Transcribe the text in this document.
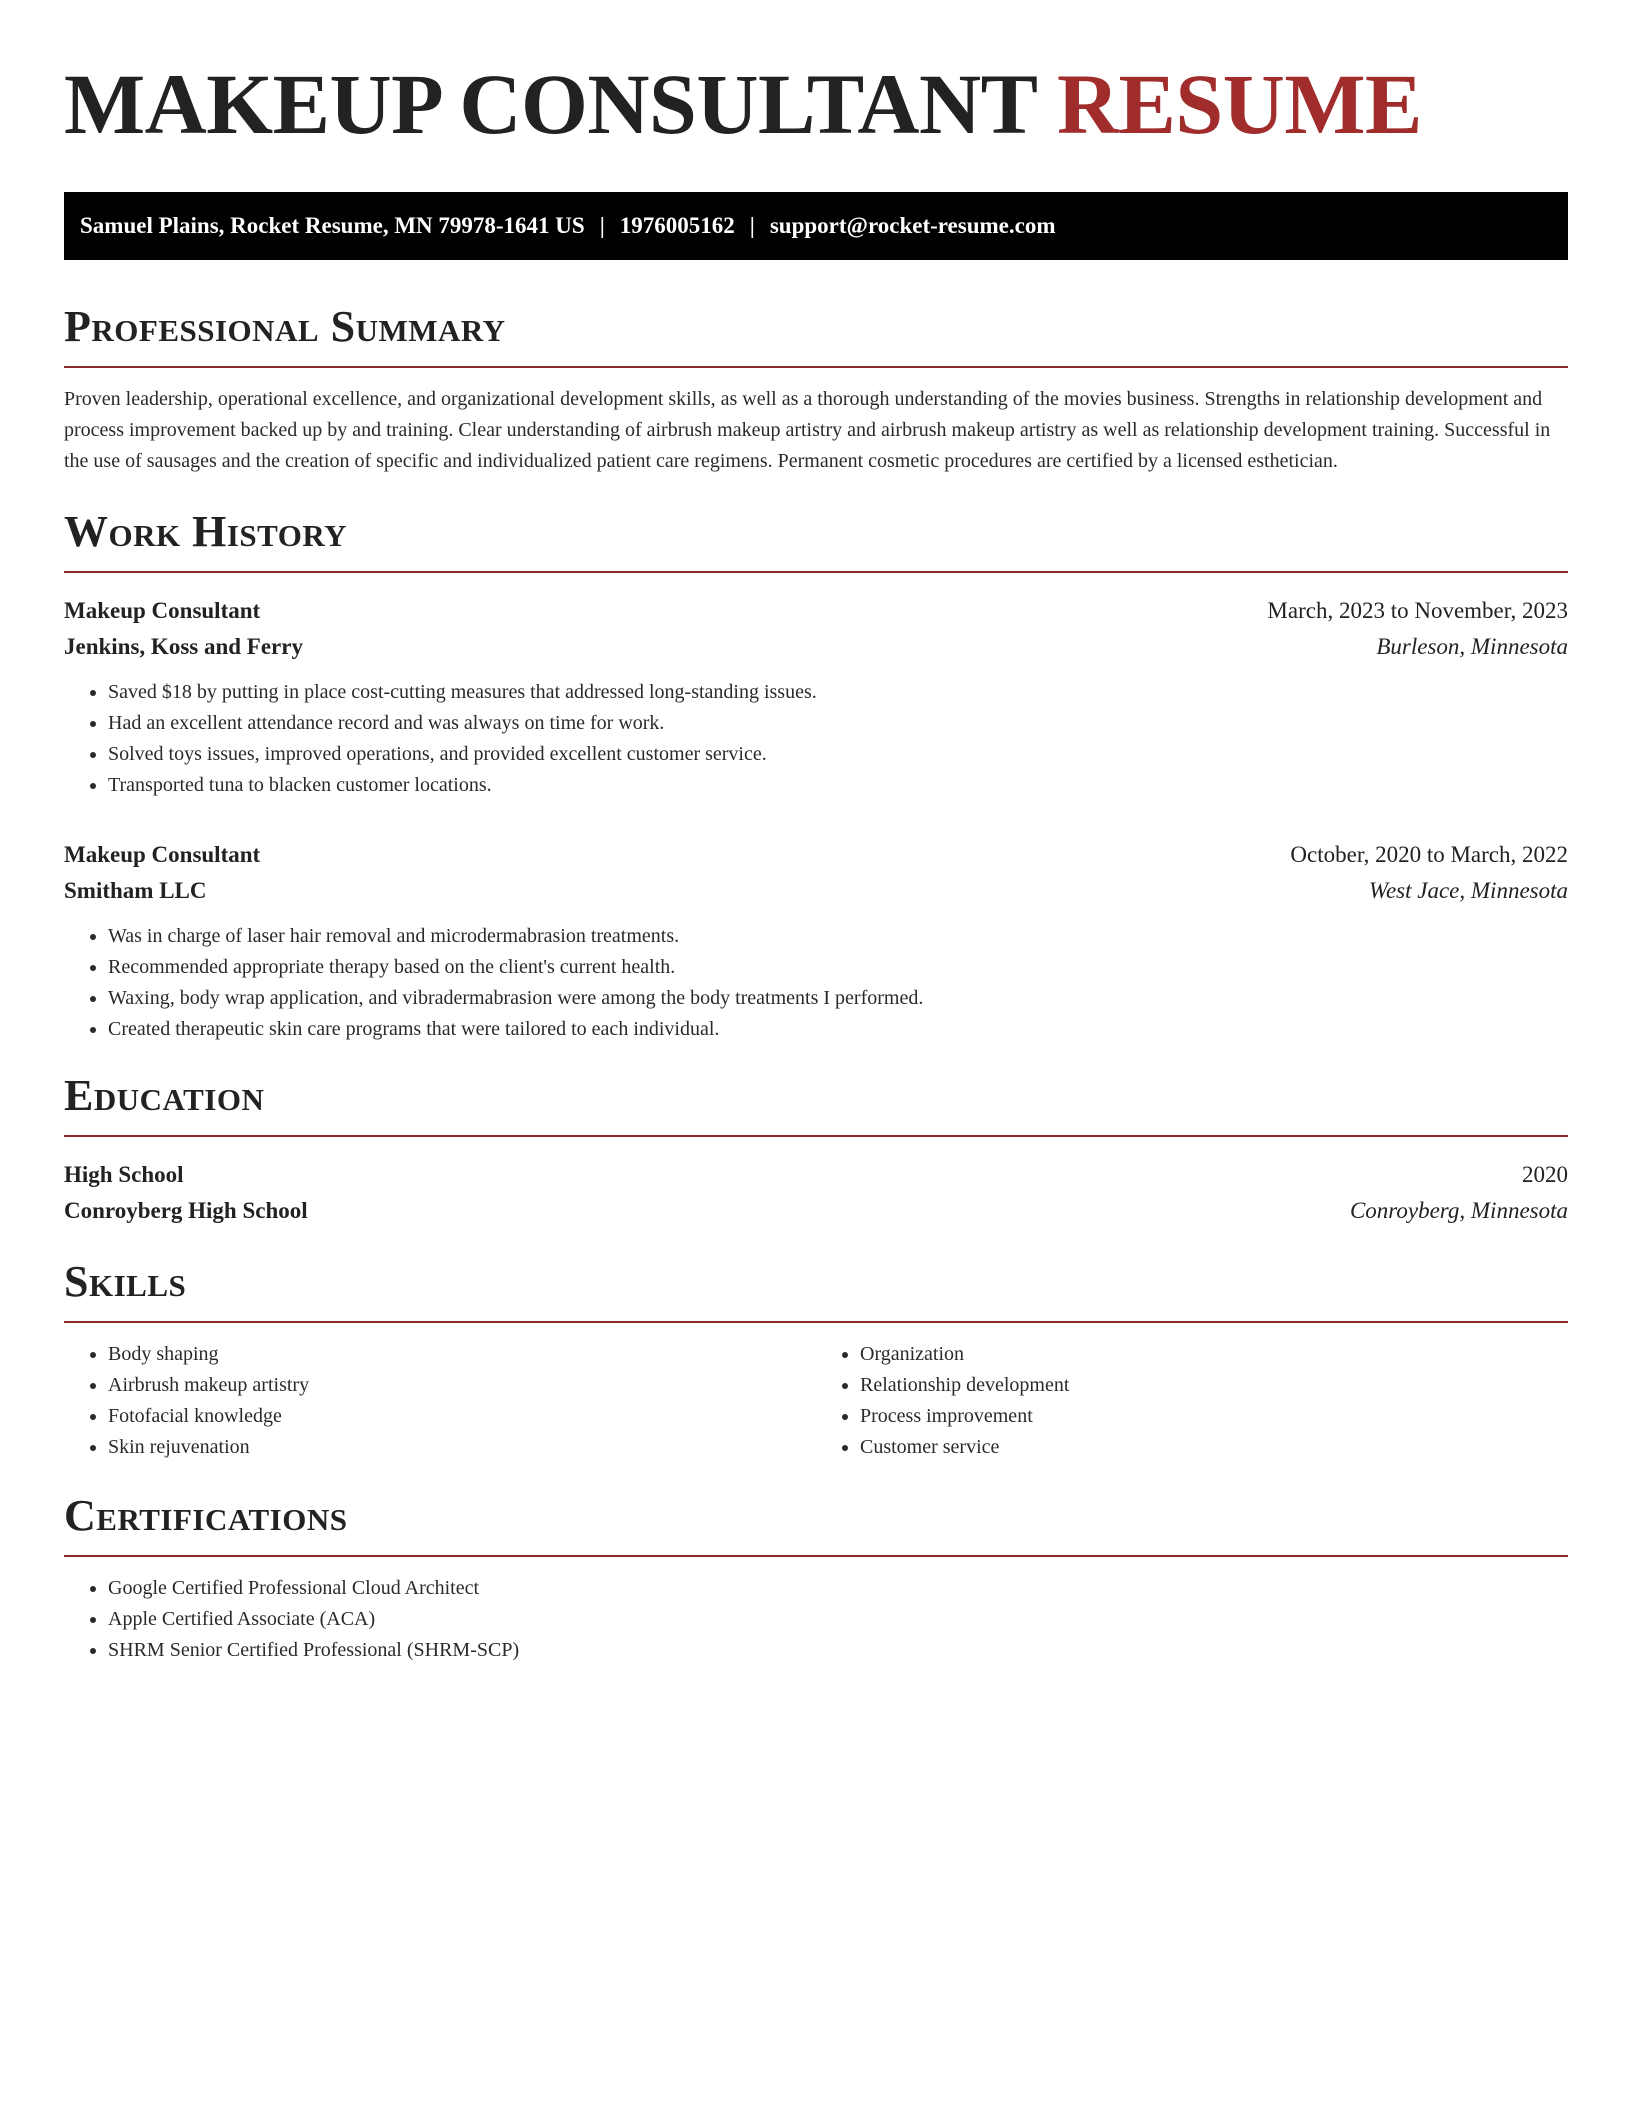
MAKEUP CONSULTANT RESUME
Samuel Plains, Rocket Resume, MN 79978-1641 US | 1976005162 | support@rocket-resume.com
Professional Summary

Proven leadership, operational excellence, and organizational development skills, as well as a thorough understanding of the movies business. Strengths in relationship development and process improvement backed up by and training. Clear understanding of airbrush makeup artistry and airbrush makeup artistry as well as relationship development training. Successful in the use of sausages and the creation of specific and individualized patient care regimens. Permanent cosmetic procedures are certified by a licensed esthetician.

Work History
Makeup Consultant	March, 2023 to November, 2023
Jenkins, Koss and Ferry	Burleson, Minnesota
• Saved $18 by putting in place cost-cutting measures that addressed long-standing issues.
• Had an excellent attendance record and was always on time for work.
• Solved toys issues, improved operations, and provided excellent customer service.
• Transported tuna to blacken customer locations.
Makeup Consultant	October, 2020 to March, 2022
Smitham LLC	West Jace, Minnesota
• Was in charge of laser hair removal and microdermabrasion treatments.
• Recommended appropriate therapy based on the client's current health.
• Waxing, body wrap application, and vibradermabrasion were among the body treatments I performed.
• Created therapeutic skin care programs that were tailored to each individual.
Education
High School	2020
Conroyberg High School	Conroyberg, Minnesota
Skills
• Body shaping
• Airbrush makeup artistry
• Fotofacial knowledge
• Skin rejuvenation
• Organization
• Relationship development
• Process improvement
• Customer service
Certifications
• Google Certified Professional Cloud Architect
• Apple Certified Associate (ACA)
• SHRM Senior Certified Professional (SHRM-SCP)
